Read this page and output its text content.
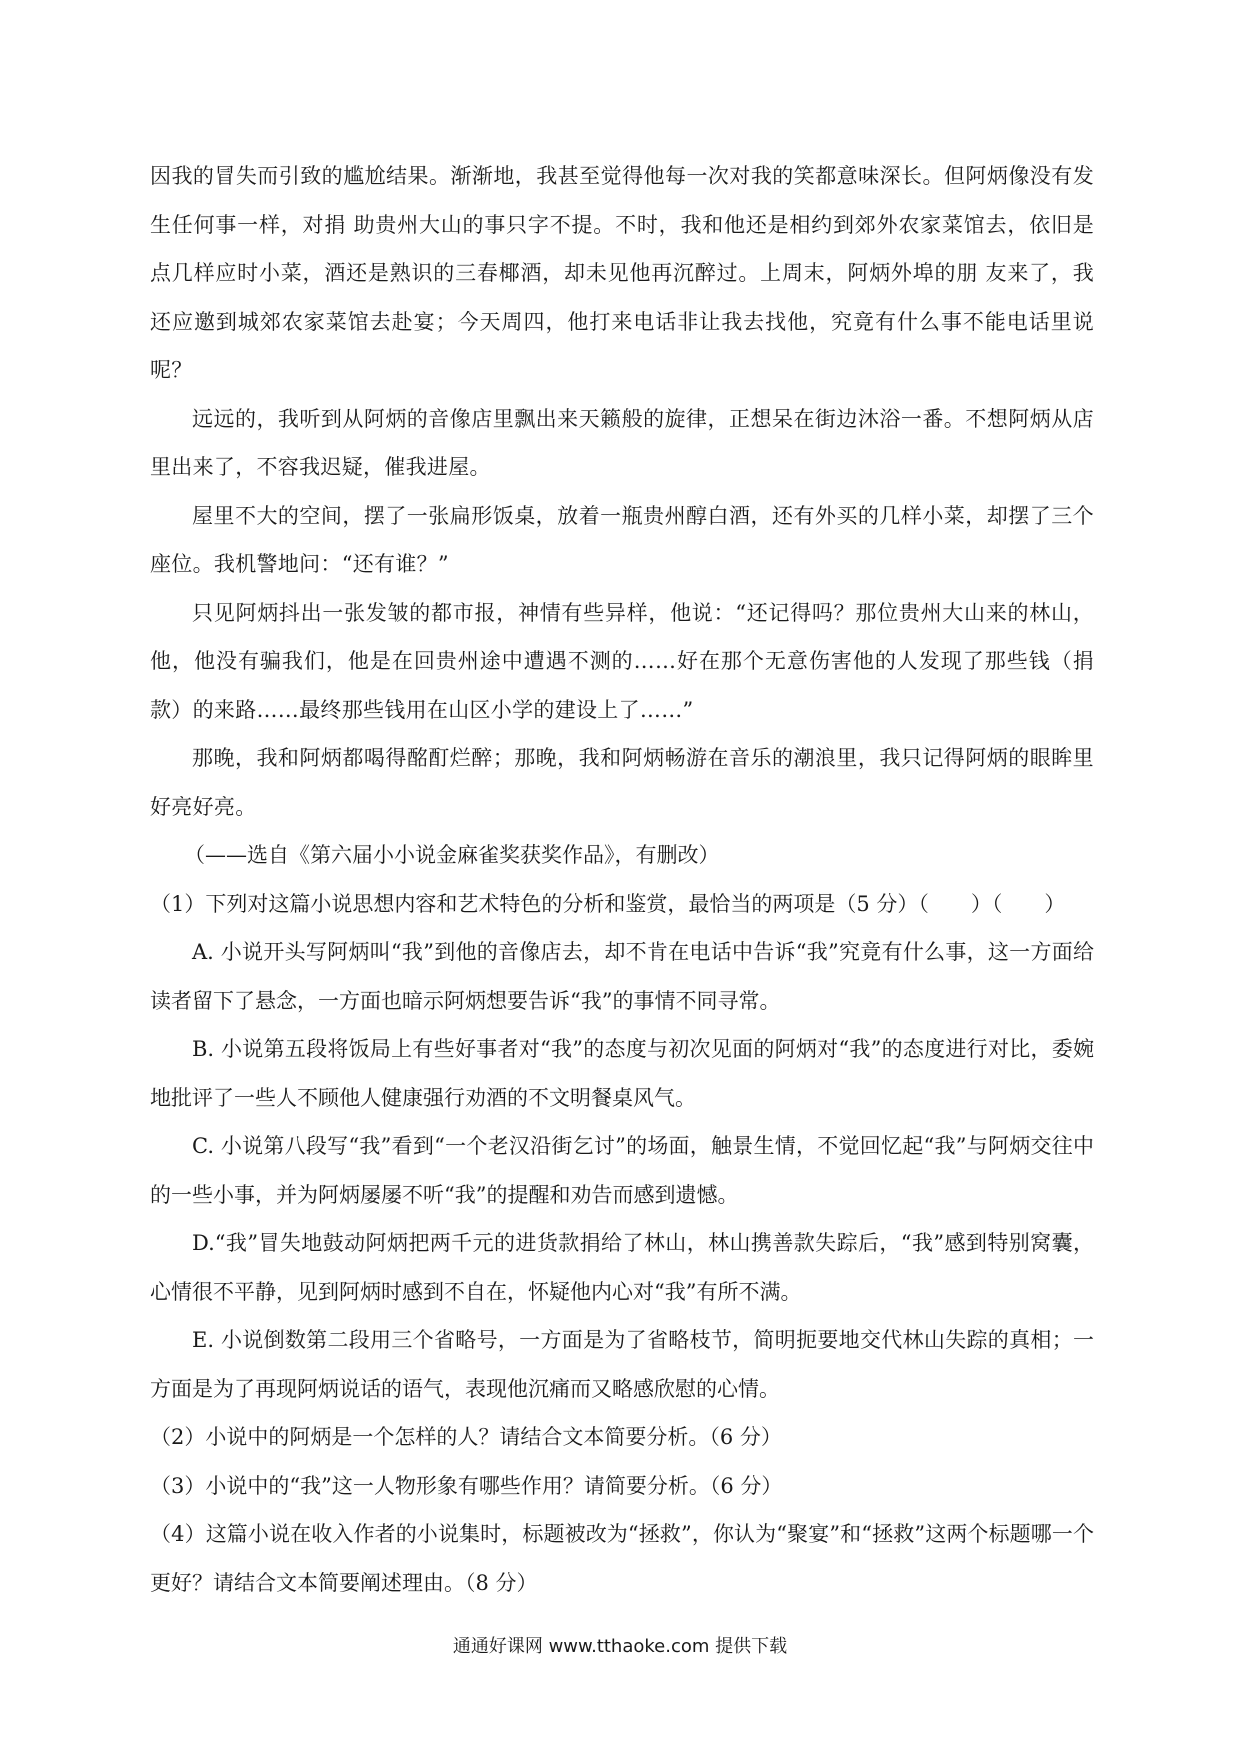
因我的冒失而引致的尴尬结果。渐渐地，我甚至觉得他每一次对我的笑都意味深长。但阿炳像没有发生任何事一样，对捐 助贵州大山的事只字不提。不时，我和他还是相约到郊外农家菜馆去，依旧是点几样应时小菜，酒还是熟识的三春椰酒，却未见他再沉醉过。上周末，阿炳外埠的朋 友来了，我还应邀到城郊农家菜馆去赴宴；今天周四，他打来电话非让我去找他，究竟有什么事不能电话里说呢？

远远的，我听到从阿炳的音像店里飘出来天籁般的旋律，正想呆在街边沐浴一番。不想阿炳从店里出来了，不容我迟疑，催我进屋。

屋里不大的空间，摆了一张扁形饭桌，放着一瓶贵州醇白酒，还有外买的几样小菜，却摆了三个座位。我机警地问：“还有谁？”

只见阿炳抖出一张发皱的都市报，神情有些异样，他说：“还记得吗？那位贵州大山来的林山，他，他没有骗我们，他是在回贵州途中遭遇不测的……好在那个无意伤害他的人发现了那些钱（捐款）的来路……最终那些钱用在山区小学的建设上了……”

那晚，我和阿炳都喝得酩酊烂醉；那晚，我和阿炳畅游在音乐的潮浪里，我只记得阿炳的眼眸里好亮好亮。

（——选自《第六届小小说金麻雀奖获奖作品》，有删改）

（1）下列对这篇小说思想内容和艺术特色的分析和鉴赏，最恰当的两项是（5 分）（　　）（　　）

A. 小说开头写阿炳叫“我”到他的音像店去，却不肯在电话中告诉“我”究竟有什么事，这一方面给读者留下了悬念，一方面也暗示阿炳想要告诉“我”的事情不同寻常。

B. 小说第五段将饭局上有些好事者对“我”的态度与初次见面的阿炳对“我”的态度进行对比，委婉地批评了一些人不顾他人健康强行劝酒的不文明餐桌风气。

C. 小说第八段写“我”看到“一个老汉沿街乞讨”的场面，触景生情，不觉回忆起“我”与阿炳交往中的一些小事，并为阿炳屡屡不听“我”的提醒和劝告而感到遗憾。

D.“我”冒失地鼓动阿炳把两千元的进货款捐给了林山，林山携善款失踪后，“我”感到特别窝囊，心情很不平静，见到阿炳时感到不自在，怀疑他内心对“我”有所不满。

E. 小说倒数第二段用三个省略号，一方面是为了省略枝节，简明扼要地交代林山失踪的真相；一方面是为了再现阿炳说话的语气，表现他沉痛而又略感欣慰的心情。

（2）小说中的阿炳是一个怎样的人？请结合文本简要分析。（6 分）

（3）小说中的“我”这一人物形象有哪些作用？请简要分析。（6 分）

（4）这篇小说在收入作者的小说集时，标题被改为“拯救”，你认为“聚宴”和“拯救”这两个标题哪一个更好？请结合文本简要阐述理由。（8 分）

通通好课网 www.tthaoke.com 提供下载
